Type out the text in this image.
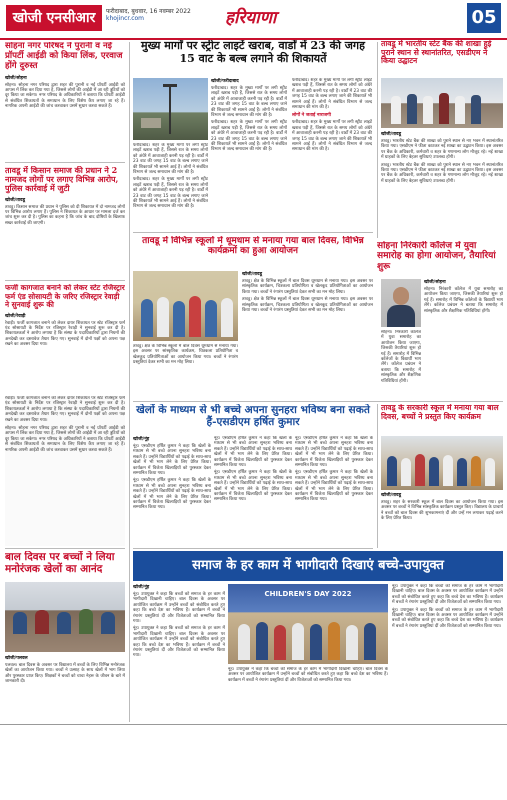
खोजी एनसीआर	फरीदाबाद, बुधवार, 16 नवम्बर 2022
khojincr.com	हरियाणा	05
सोहना नगर परिषद ने पुरानी व नई प्रॉपर्टी आईडी को किया लिंक, एरवाज होंगे दुरुस्त
खोजी/सोहना
सोहना। सोहना नगर परिषद द्वारा शहर की पुरानी व नई प्रॉपर्टी आईडी को आपस में लिंक कर दिया गया है, जिससे लोगों की आईडी में आ रही त्रुटियों को दूर किया जा सकेगा। नगर परिषद के अधिकारियों ने बताया कि प्रॉपर्टी आईडी से संबंधित शिकायतों के समाधान के लिए विशेष कैंप लगाए जा रहे हैं। नागरिक अपनी आईडी की जांच करवाकर उसमें सुधार करवा सकते हैं।
तावडू में किसान समाज की प्रधान ने 2 नामजद लोगों पर लगाए विभिन्न आरोप, पुलिस कार्रवाई में जुटी
खोजी/तावडू
तावडू। किसान समाज की प्रधान ने पुलिस को दी शिकायत में दो नामजद लोगों पर विभिन्न आरोप लगाए हैं। पुलिस ने शिकायत के आधार पर मामला दर्ज कर जांच शुरू कर दी है। पुलिस का कहना है कि जांच के बाद दोषियों के खिलाफ सख्त कार्रवाई की जाएगी।
फर्जी कागजात बनाने को लेकर स्टेट रजिस्ट्रार फर्म एंड सोसायटी के जरिए रजिस्ट्रार रेवाड़ी ने सुनवाई शुरू की
खोजी/रेवाड़ी
रेवाड़ी। फर्जी कागजात बनाने को लेकर दायर शिकायत पर स्टेट रजिस्ट्रार फर्म एंड सोसायटी के निर्देश पर रजिस्ट्रार रेवाड़ी ने सुनवाई शुरू कर दी है। शिकायतकर्ता ने आरोप लगाया है कि संस्था के पदाधिकारियों द्वारा नियमों की अनदेखी कर दस्तावेज तैयार किए गए। सुनवाई में दोनों पक्षों को अपना पक्ष रखने का अवसर दिया गया।
रेवाड़ी। फर्जी कागजात बनाने को लेकर दायर शिकायत पर स्टेट रजिस्ट्रार फर्म एंड सोसायटी के निर्देश पर रजिस्ट्रार रेवाड़ी ने सुनवाई शुरू कर दी है। शिकायतकर्ता ने आरोप लगाया है कि संस्था के पदाधिकारियों द्वारा नियमों की अनदेखी कर दस्तावेज तैयार किए गए। सुनवाई में दोनों पक्षों को अपना पक्ष रखने का अवसर दिया गया।
सोहना। सोहना नगर परिषद द्वारा शहर की पुरानी व नई प्रॉपर्टी आईडी को आपस में लिंक कर दिया गया है, जिससे लोगों की आईडी में आ रही त्रुटियों को दूर किया जा सकेगा। नगर परिषद के अधिकारियों ने बताया कि प्रॉपर्टी आईडी से संबंधित शिकायतों के समाधान के लिए विशेष कैंप लगाए जा रहे हैं। नागरिक अपनी आईडी की जांच करवाकर उसमें सुधार करवा सकते हैं।
बाल दिवस पर बच्चों ने लिया मनोरंजक खेलों का आनंद
खोजी/पलवल
पलवल। बाल दिवस के अवसर पर विद्यालय में बच्चों के लिए विभिन्न मनोरंजक खेलों का आयोजन किया गया। बच्चों ने उत्साह के साथ खेलों में भाग लिया और पुरस्कार प्राप्त किए। शिक्षकों ने बच्चों को चाचा नेहरू के जीवन के बारे में जानकारी दी।
मुख्य मार्गों पर स्ट्रीट लाइटें खराब, वार्डों में 23 की जगह 15 वाट के बल्ब लगाने की शिकायतें
खोजी/फरीदाबाद
फरीदाबाद। शहर के मुख्य मार्गों पर लगी स्ट्रीट लाइटें खराब पड़ी हैं, जिससे रात के समय लोगों को अंधेरे में आवाजाही करनी पड़ रही है। वार्डों में 23 वाट की जगह 15 वाट के बल्ब लगाए जाने की शिकायतें भी सामने आई हैं। लोगों ने संबंधित विभाग से जल्द समाधान की मांग की है।
फरीदाबाद। शहर के मुख्य मार्गों पर लगी स्ट्रीट लाइटें खराब पड़ी हैं, जिससे रात के समय लोगों को अंधेरे में आवाजाही करनी पड़ रही है। वार्डों में 23 वाट की जगह 15 वाट के बल्ब लगाए जाने की शिकायतें भी सामने आई हैं। लोगों ने संबंधित विभाग से जल्द समाधान की मांग की है।
फरीदाबाद। शहर के मुख्य मार्गों पर लगी स्ट्रीट लाइटें खराब पड़ी हैं, जिससे रात के समय लोगों को अंधेरे में आवाजाही करनी पड़ रही है। वार्डों में 23 वाट की जगह 15 वाट के बल्ब लगाए जाने की शिकायतें भी सामने आई हैं। लोगों ने संबंधित विभाग से जल्द समाधान की मांग की है।
लोगों ने जताई नाराजगी
फरीदाबाद। शहर के मुख्य मार्गों पर लगी स्ट्रीट लाइटें खराब पड़ी हैं, जिससे रात के समय लोगों को अंधेरे में आवाजाही करनी पड़ रही है। वार्डों में 23 वाट की जगह 15 वाट के बल्ब लगाए जाने की शिकायतें भी सामने आई हैं। लोगों ने संबंधित विभाग से जल्द समाधान की मांग की है।
फरीदाबाद। शहर के मुख्य मार्गों पर लगी स्ट्रीट लाइटें खराब पड़ी हैं, जिससे रात के समय लोगों को अंधेरे में आवाजाही करनी पड़ रही है। वार्डों में 23 वाट की जगह 15 वाट के बल्ब लगाए जाने की शिकायतें भी सामने आई हैं। लोगों ने संबंधित विभाग से जल्द समाधान की मांग की है।
फरीदाबाद। शहर के मुख्य मार्गों पर लगी स्ट्रीट लाइटें खराब पड़ी हैं, जिससे रात के समय लोगों को अंधेरे में आवाजाही करनी पड़ रही है। वार्डों में 23 वाट की जगह 15 वाट के बल्ब लगाए जाने की शिकायतें भी सामने आई हैं। लोगों ने संबंधित विभाग से जल्द समाधान की मांग की है।
तावडू में भारतीय स्टेट बैंक की शाखा हुई पुराने स्थान से स्थानांतरित, एसडीएम ने किया उद्घाटन
खोजी/तावडू
तावडू। भारतीय स्टेट बैंक की शाखा को पुराने स्थान से नए भवन में स्थानांतरित किया गया। एसडीएम ने फीता काटकर नई शाखा का उद्घाटन किया। इस अवसर पर बैंक के अधिकारी, कर्मचारी व शहर के गणमान्य लोग मौजूद रहे। नई शाखा में ग्राहकों के लिए बेहतर सुविधाएं उपलब्ध होंगी।
तावडू। भारतीय स्टेट बैंक की शाखा को पुराने स्थान से नए भवन में स्थानांतरित किया गया। एसडीएम ने फीता काटकर नई शाखा का उद्घाटन किया। इस अवसर पर बैंक के अधिकारी, कर्मचारी व शहर के गणमान्य लोग मौजूद रहे। नई शाखा में ग्राहकों के लिए बेहतर सुविधाएं उपलब्ध होंगी।
तावडू में विभिन्न स्कूलों में धूमधाम से मनाया गया बाल दिवस, विभिन्न कार्यक्रमों का हुआ आयोजन
खोजी/तावडू
तावडू। क्षेत्र के विभिन्न स्कूलों में बाल दिवस धूमधाम से मनाया गया। इस अवसर पर सांस्कृतिक कार्यक्रम, चित्रकला प्रतियोगिता व खेलकूद प्रतियोगिताओं का आयोजन किया गया। बच्चों ने रंगारंग प्रस्तुतियां देकर सभी का मन मोह लिया।
तावडू। क्षेत्र के विभिन्न स्कूलों में बाल दिवस धूमधाम से मनाया गया। इस अवसर पर सांस्कृतिक कार्यक्रम, चित्रकला प्रतियोगिता व खेलकूद प्रतियोगिताओं का आयोजन किया गया। बच्चों ने रंगारंग प्रस्तुतियां देकर सभी का मन मोह लिया।
तावडू। क्षेत्र के विभिन्न स्कूलों में बाल दिवस धूमधाम से मनाया गया। इस अवसर पर सांस्कृतिक कार्यक्रम, चित्रकला प्रतियोगिता व खेलकूद प्रतियोगिताओं का आयोजन किया गया। बच्चों ने रंगारंग प्रस्तुतियां देकर सभी का मन मोह लिया।
सोहना निरंकारी कॉलेज में युवा समारोह का होगा आयोजन, तैयारियां शुरू
खोजी/सोहना
सोहना। निरंकारी कॉलेज में युवा समारोह का आयोजन किया जाएगा, जिसकी तैयारियां शुरू हो गई हैं। समारोह में विभिन्न कॉलेजों के विद्यार्थी भाग लेंगे। कॉलेज प्रबंधन ने बताया कि समारोह में सांस्कृतिक और शैक्षणिक गतिविधियां होंगी।
सोहना। निरंकारी कॉलेज में युवा समारोह का आयोजन किया जाएगा, जिसकी तैयारियां शुरू हो गई हैं। समारोह में विभिन्न कॉलेजों के विद्यार्थी भाग लेंगे। कॉलेज प्रबंधन ने बताया कि समारोह में सांस्कृतिक और शैक्षणिक गतिविधियां होंगी।
खेलों के माध्यम से भी बच्चे अपना सुनहरा भविष्य बना सकते हैं-एसडीएम हर्षित कुमार
खोजी/नूंह
नूंह। एसडीएम हर्षित कुमार ने कहा कि खेलों के माध्यम से भी बच्चे अपना सुनहरा भविष्य बना सकते हैं। उन्होंने विद्यार्थियों को पढ़ाई के साथ-साथ खेलों में भी भाग लेने के लिए प्रेरित किया। कार्यक्रम में विजेता खिलाड़ियों को पुरस्कार देकर सम्मानित किया गया।
नूंह। एसडीएम हर्षित कुमार ने कहा कि खेलों के माध्यम से भी बच्चे अपना सुनहरा भविष्य बना सकते हैं। उन्होंने विद्यार्थियों को पढ़ाई के साथ-साथ खेलों में भी भाग लेने के लिए प्रेरित किया। कार्यक्रम में विजेता खिलाड़ियों को पुरस्कार देकर सम्मानित किया गया।
नूंह। एसडीएम हर्षित कुमार ने कहा कि खेलों के माध्यम से भी बच्चे अपना सुनहरा भविष्य बना सकते हैं। उन्होंने विद्यार्थियों को पढ़ाई के साथ-साथ खेलों में भी भाग लेने के लिए प्रेरित किया। कार्यक्रम में विजेता खिलाड़ियों को पुरस्कार देकर सम्मानित किया गया।
नूंह। एसडीएम हर्षित कुमार ने कहा कि खेलों के माध्यम से भी बच्चे अपना सुनहरा भविष्य बना सकते हैं। उन्होंने विद्यार्थियों को पढ़ाई के साथ-साथ खेलों में भी भाग लेने के लिए प्रेरित किया। कार्यक्रम में विजेता खिलाड़ियों को पुरस्कार देकर सम्मानित किया गया।
नूंह। एसडीएम हर्षित कुमार ने कहा कि खेलों के माध्यम से भी बच्चे अपना सुनहरा भविष्य बना सकते हैं। उन्होंने विद्यार्थियों को पढ़ाई के साथ-साथ खेलों में भी भाग लेने के लिए प्रेरित किया। कार्यक्रम में विजेता खिलाड़ियों को पुरस्कार देकर सम्मानित किया गया।
नूंह। एसडीएम हर्षित कुमार ने कहा कि खेलों के माध्यम से भी बच्चे अपना सुनहरा भविष्य बना सकते हैं। उन्होंने विद्यार्थियों को पढ़ाई के साथ-साथ खेलों में भी भाग लेने के लिए प्रेरित किया। कार्यक्रम में विजेता खिलाड़ियों को पुरस्कार देकर सम्मानित किया गया।
तावडू के सरकारी स्कूल में मनाया गया बाल दिवस, बच्चों ने प्रस्तुत किए कार्यक्रम
खोजी/तावडू
तावडू। शहर के सरकारी स्कूल में बाल दिवस का आयोजन किया गया। इस अवसर पर बच्चों ने विभिन्न सांस्कृतिक कार्यक्रम प्रस्तुत किए। विद्यालय के प्राचार्य ने बच्चों को बाल दिवस की शुभकामनाएं दीं और उन्हें मन लगाकर पढ़ाई करने के लिए प्रेरित किया।
समाज के हर काम में भागीदारी दिखाएं बच्चे-उपायुक्त
खोजी/नूंह
नूंह। उपायुक्त ने कहा कि बच्चों को समाज के हर काम में भागीदारी दिखानी चाहिए। बाल दिवस के अवसर पर आयोजित कार्यक्रम में उन्होंने बच्चों को संबोधित करते हुए कहा कि बच्चे देश का भविष्य हैं। कार्यक्रम में बच्चों ने रंगारंग प्रस्तुतियां दीं और विजेताओं को सम्मानित किया गया।
नूंह। उपायुक्त ने कहा कि बच्चों को समाज के हर काम में भागीदारी दिखानी चाहिए। बाल दिवस के अवसर पर आयोजित कार्यक्रम में उन्होंने बच्चों को संबोधित करते हुए कहा कि बच्चे देश का भविष्य हैं। कार्यक्रम में बच्चों ने रंगारंग प्रस्तुतियां दीं और विजेताओं को सम्मानित किया गया।
CHILDREN'S DAY 2022
नूंह। उपायुक्त ने कहा कि बच्चों को समाज के हर काम में भागीदारी दिखानी चाहिए। बाल दिवस के अवसर पर आयोजित कार्यक्रम में उन्होंने बच्चों को संबोधित करते हुए कहा कि बच्चे देश का भविष्य हैं। कार्यक्रम में बच्चों ने रंगारंग प्रस्तुतियां दीं और विजेताओं को सम्मानित किया गया।
नूंह। उपायुक्त ने कहा कि बच्चों को समाज के हर काम में भागीदारी दिखानी चाहिए। बाल दिवस के अवसर पर आयोजित कार्यक्रम में उन्होंने बच्चों को संबोधित करते हुए कहा कि बच्चे देश का भविष्य हैं। कार्यक्रम में बच्चों ने रंगारंग प्रस्तुतियां दीं और विजेताओं को सम्मानित किया गया।
नूंह। उपायुक्त ने कहा कि बच्चों को समाज के हर काम में भागीदारी दिखानी चाहिए। बाल दिवस के अवसर पर आयोजित कार्यक्रम में उन्होंने बच्चों को संबोधित करते हुए कहा कि बच्चे देश का भविष्य हैं। कार्यक्रम में बच्चों ने रंगारंग प्रस्तुतियां दीं और विजेताओं को सम्मानित किया गया।
